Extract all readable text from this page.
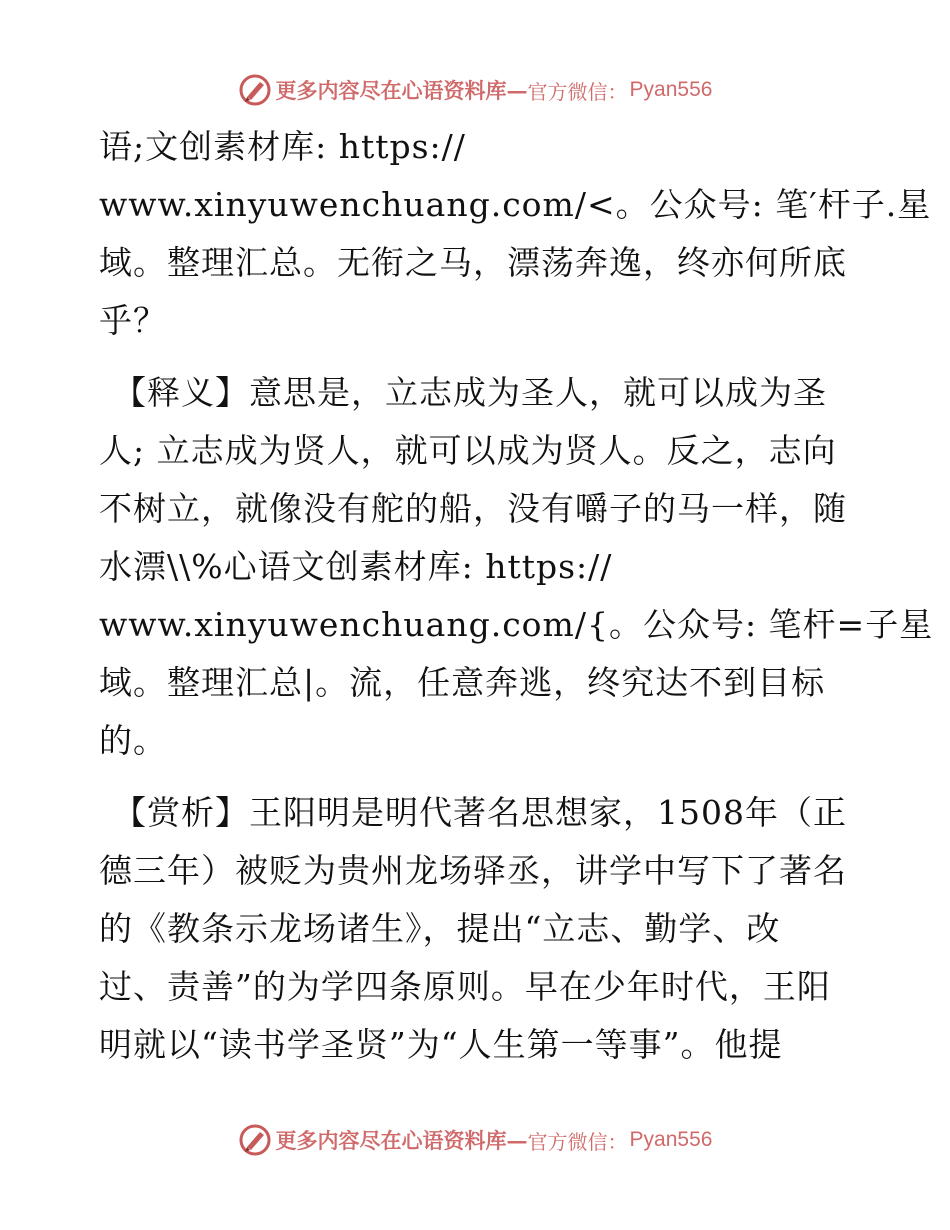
更多内容尽在心语资料库— 官方微信： Pyan556
语;文创素材库: https://
www.xinyuwenchuang.com/<。公众号: 笔′杆子.星
域。整理汇总。无衔之马，漂荡奔逸，终亦何所底
乎？
【释义】意思是，立志成为圣人，就可以成为圣
人; 立志成为贤人，就可以成为贤人。反之，志向
不树立，就像没有舵的船，没有嚼子的马一样，随
水漂\\%心语文创素材库: https://
www.xinyuwenchuang.com/{。公众号: 笔杆=子星
域。整理汇总|。流，任意奔逃，终究达不到目标
的。
【赏析】王阳明是明代著名思想家，1508年（正
德三年）被贬为贵州龙场驿丞，讲学中写下了著名
的《教条示龙场诸生》，提出“立志、勤学、改
过、责善”的为学四条原则。早在少年时代，王阳
明就以“读书学圣贤”为“人生第一等事”。他提
更多内容尽在心语资料库— 官方微信： Pyan556
